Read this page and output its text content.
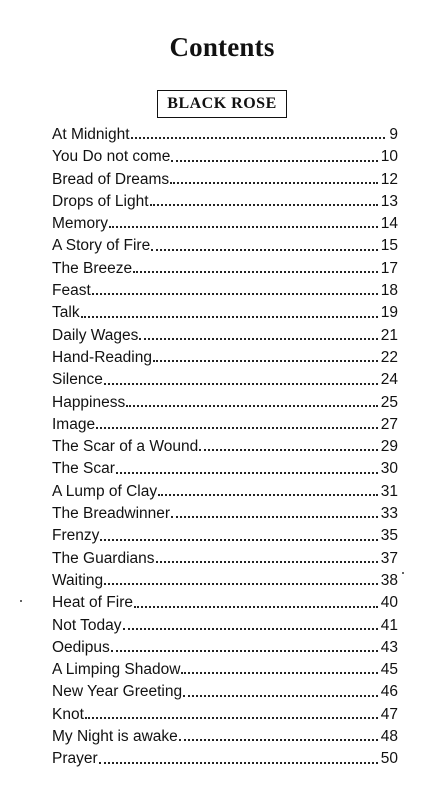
Contents
BLACK ROSE
At Midnight	9
You Do not come	10
Bread of Dreams	12
Drops of Light	13
Memory	14
A Story of Fire	15
The Breeze	17
Feast	18
Talk	19
Daily Wages	21
Hand-Reading	22
Silence	24
Happiness	25
Image	27
The Scar of a Wound	29
The Scar	30
A Lump of Clay	31
The Breadwinner	33
Frenzy	35
The Guardians	37
Waiting	38
Heat of Fire	40
Not Today	41
Oedipus	43
A Limping Shadow	45
New Year Greeting	46
Knot	47
My Night is awake	48
Prayer	50
